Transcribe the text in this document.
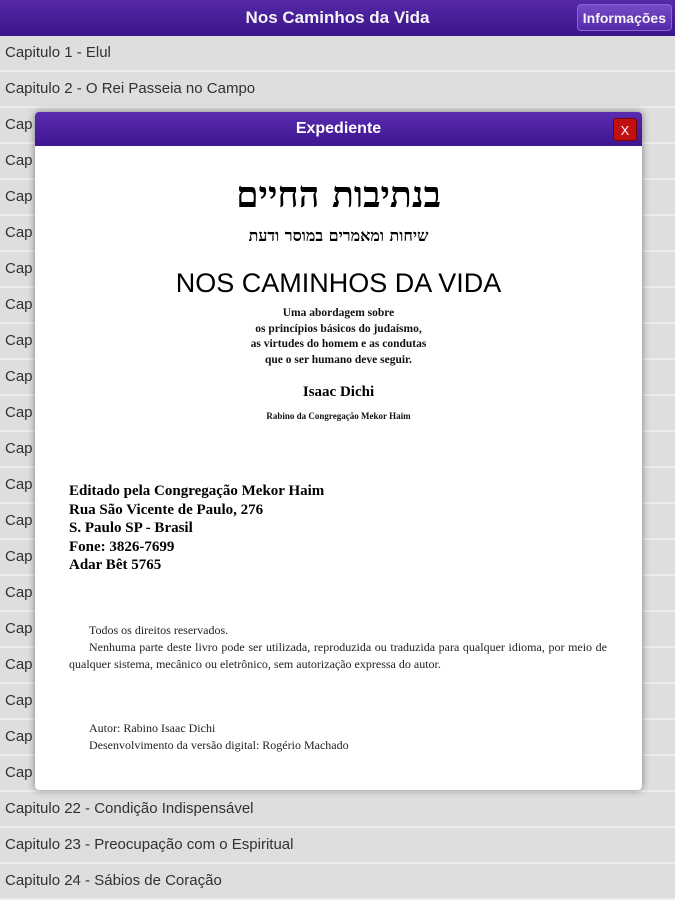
Nos Caminhos da Vida	Informações
Capitulo 1 - Elul
Capitulo 2 - O Rei Passeia no Campo
Cap
Cap
Cap
Cap
Cap
Cap
Cap
Cap
Cap
Cap
Cap
Cap
Cap
Cap
Cap
Cap
Cap
Cap
Cap
Capitulo 22 - Condição Indispensável
Capitulo 23 - Preocupação com o Espiritual
Capitulo 24 - Sábios de Coração
Expediente	X
בנתיבות החיים
שיחות ומאמרים במוסר ודעת
NOS CAMINHOS DA VIDA
Uma abordagem sobre
os princípios básicos do judaísmo,
as virtudes do homem e as condutas
que o ser humano deve seguir.
Isaac Dichi
Rabino da Congregação Mekor Haim
Editado pela Congregação Mekor Haim
Rua São Vicente de Paulo, 276
S. Paulo SP - Brasil
Fone: 3826-7699
Adar Bêt 5765

Todos os direitos reservados.

Nenhuma parte deste livro pode ser utilizada, reproduzida ou traduzida para qualquer idioma, por meio de qualquer sistema, mecânico ou eletrônico, sem autorização expressa do autor.

Autor: Rabino Isaac Dichi
Desenvolvimento da versão digital: Rogério Machado
